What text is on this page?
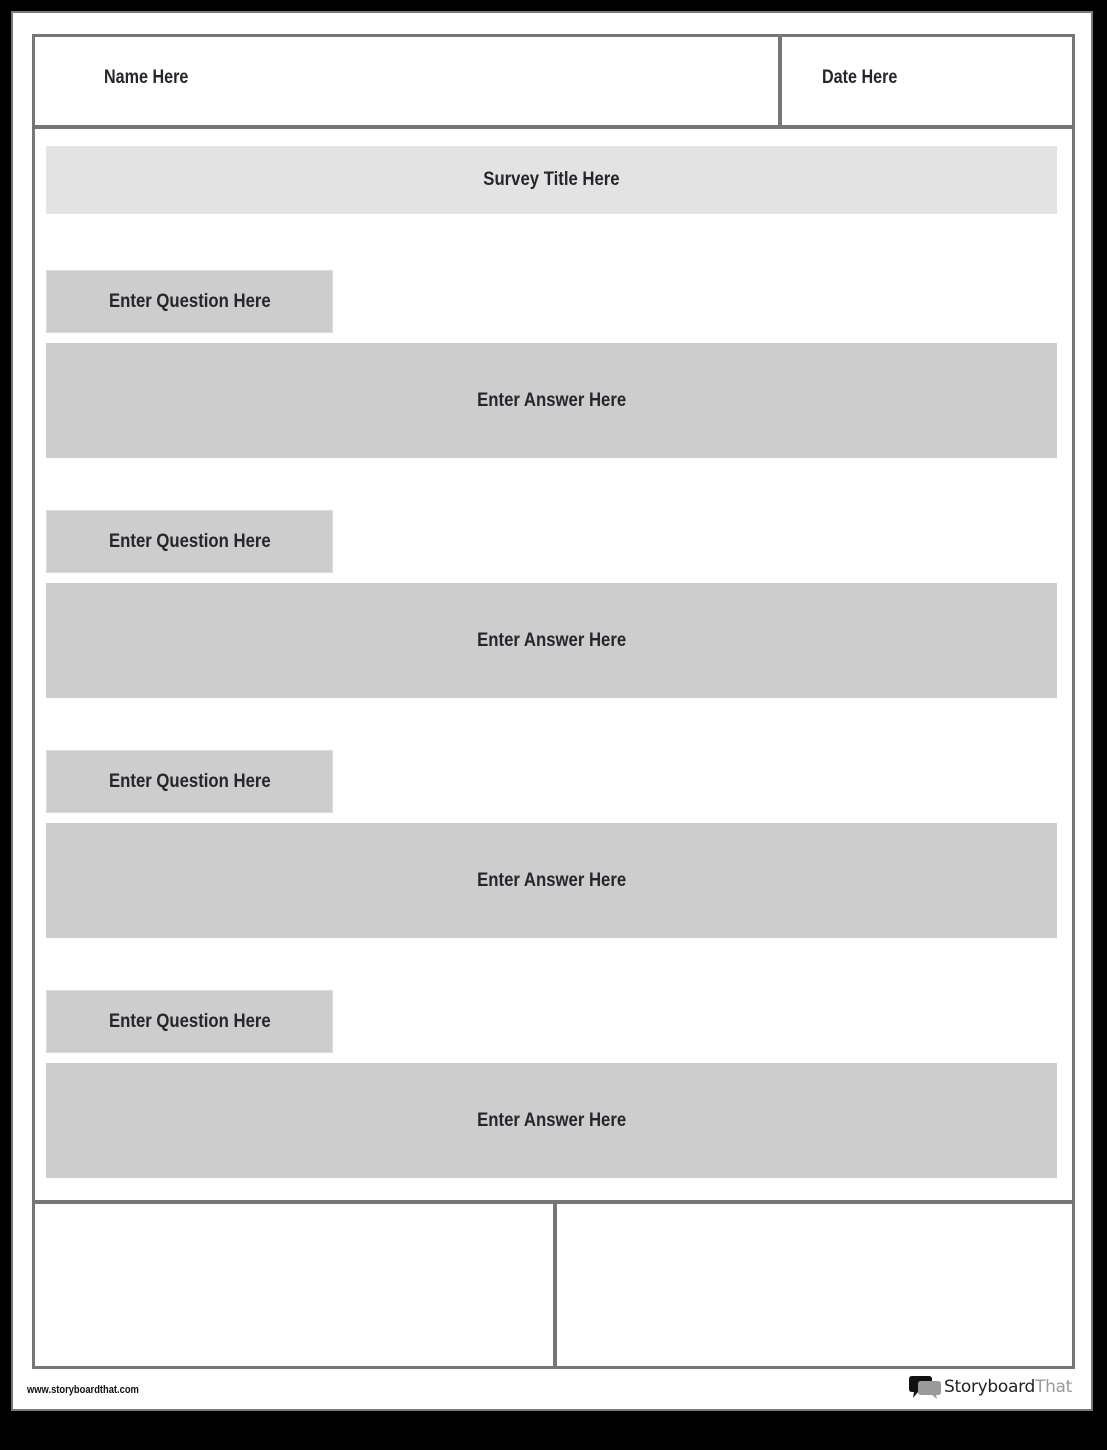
Name Here	Date Here
Survey Title Here
Enter Question Here
Enter Answer Here
Enter Question Here
Enter Answer Here
Enter Question Here
Enter Answer Here
Enter Question Here
Enter Answer Here
www.storyboardthat.com	StoryboardThat
